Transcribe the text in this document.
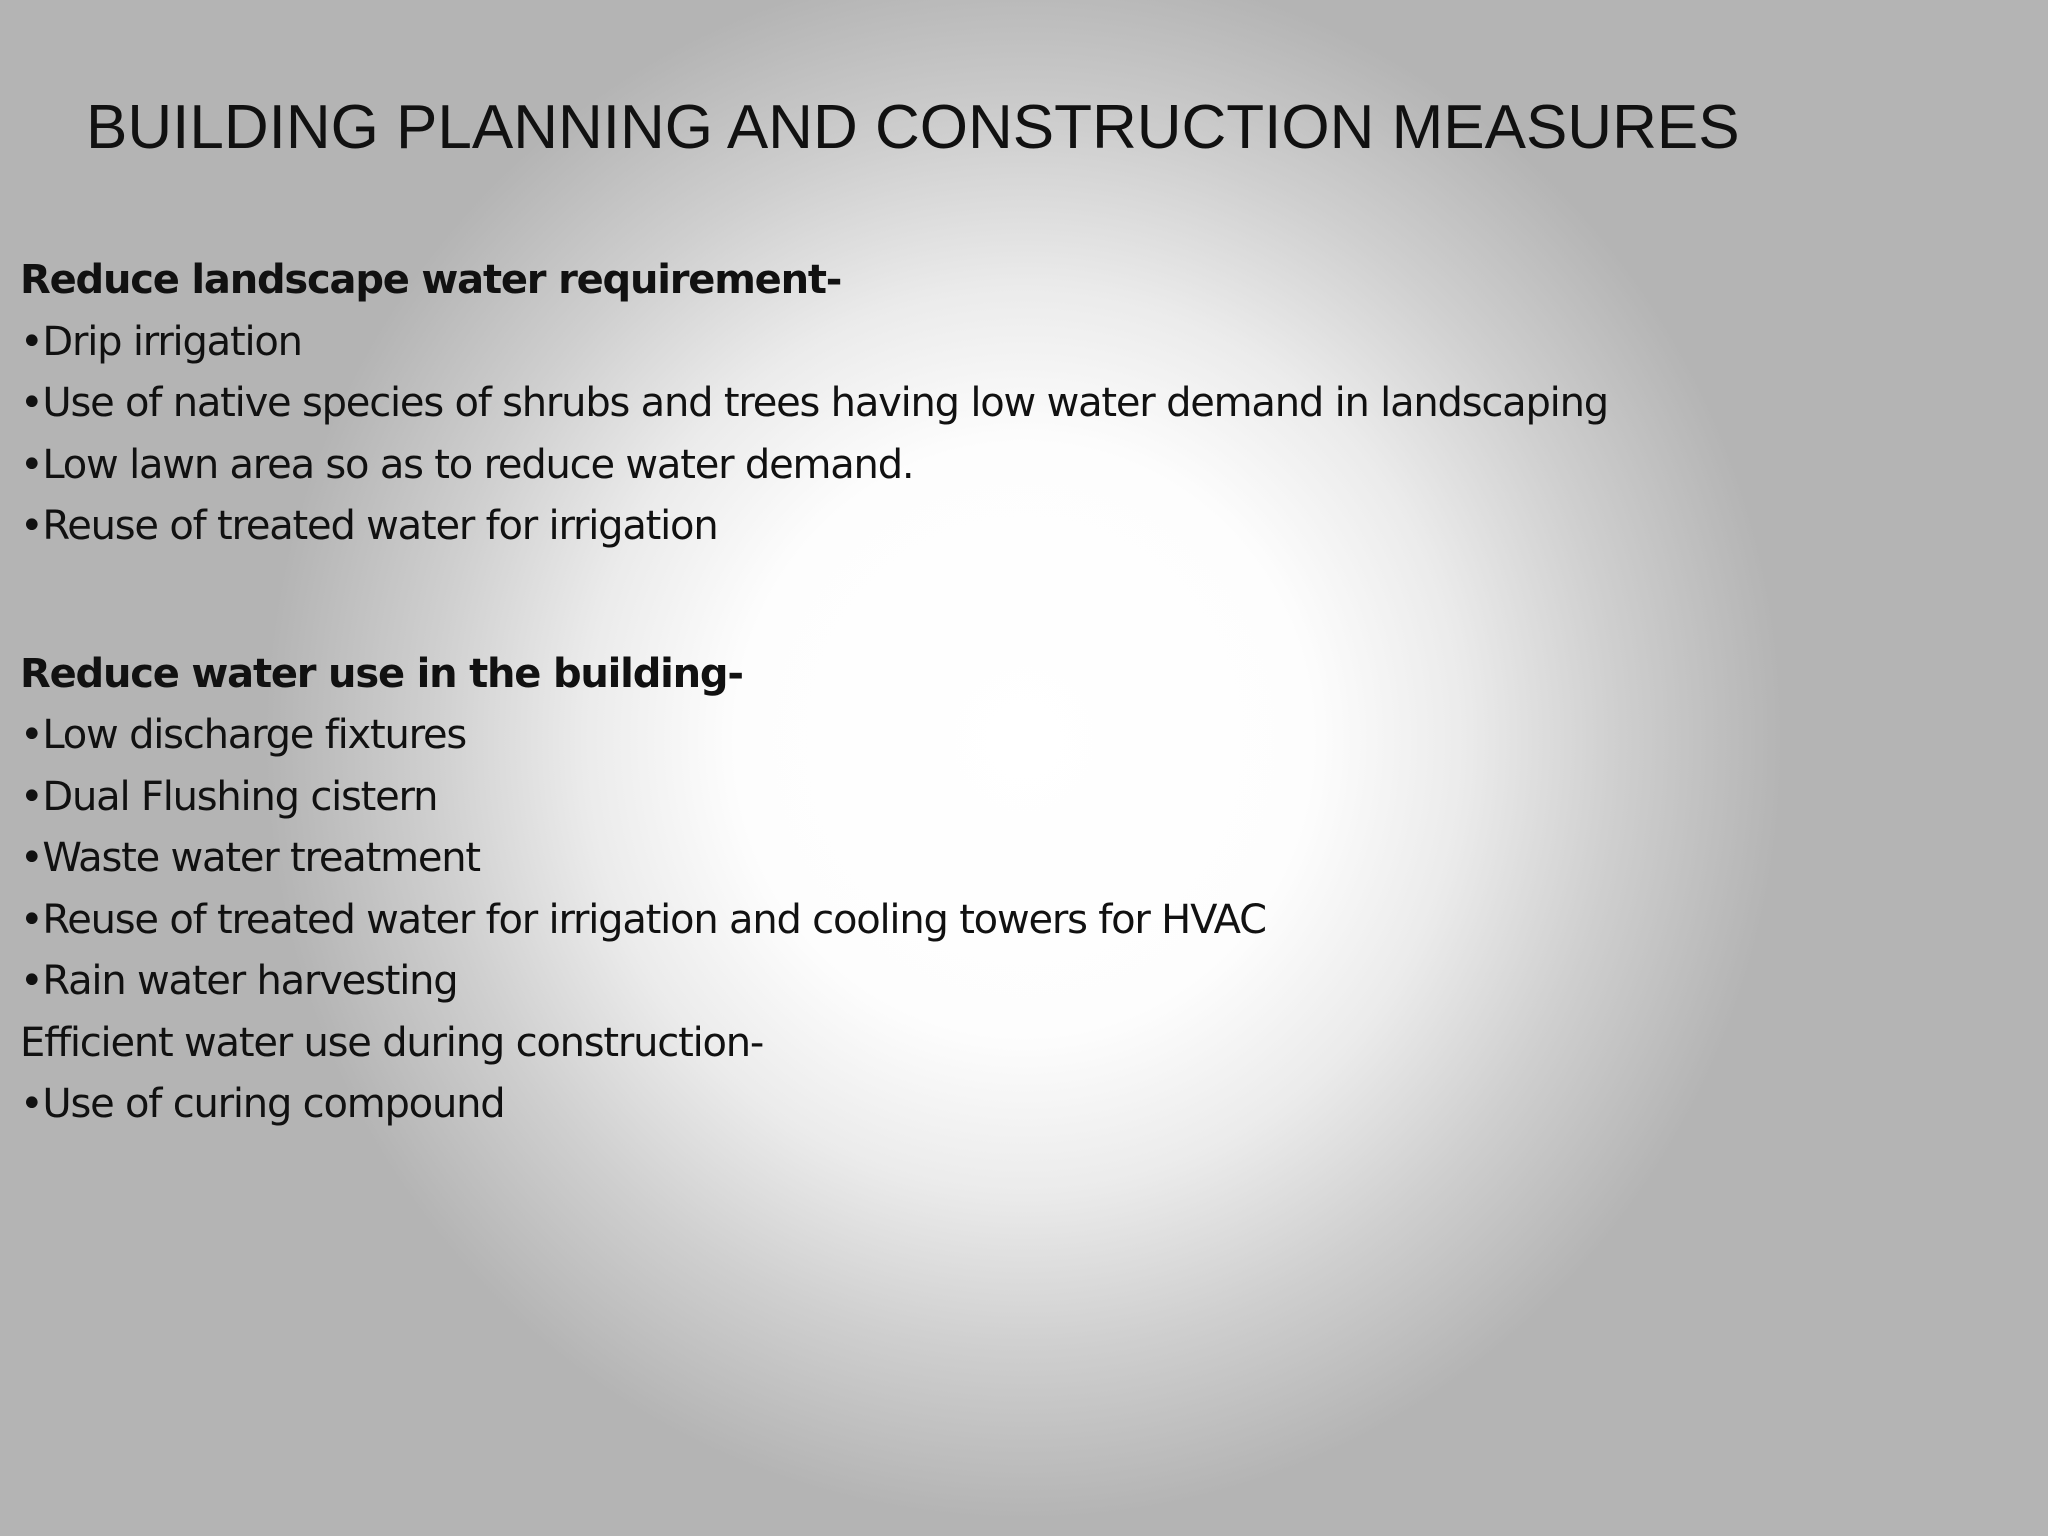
BUILDING PLANNING AND CONSTRUCTION MEASURES
Reduce landscape water requirement-
•Drip irrigation
•Use of native species of shrubs and trees having low water demand in landscaping
•Low lawn area so as to reduce water demand.
•Reuse of treated water for irrigation
Reduce water use in the building-
•Low discharge fixtures
•Dual Flushing cistern
•Waste water treatment
•Reuse of treated water for irrigation and cooling towers for HVAC
•Rain water harvesting
Efficient water use during construction-
•Use of curing compound
